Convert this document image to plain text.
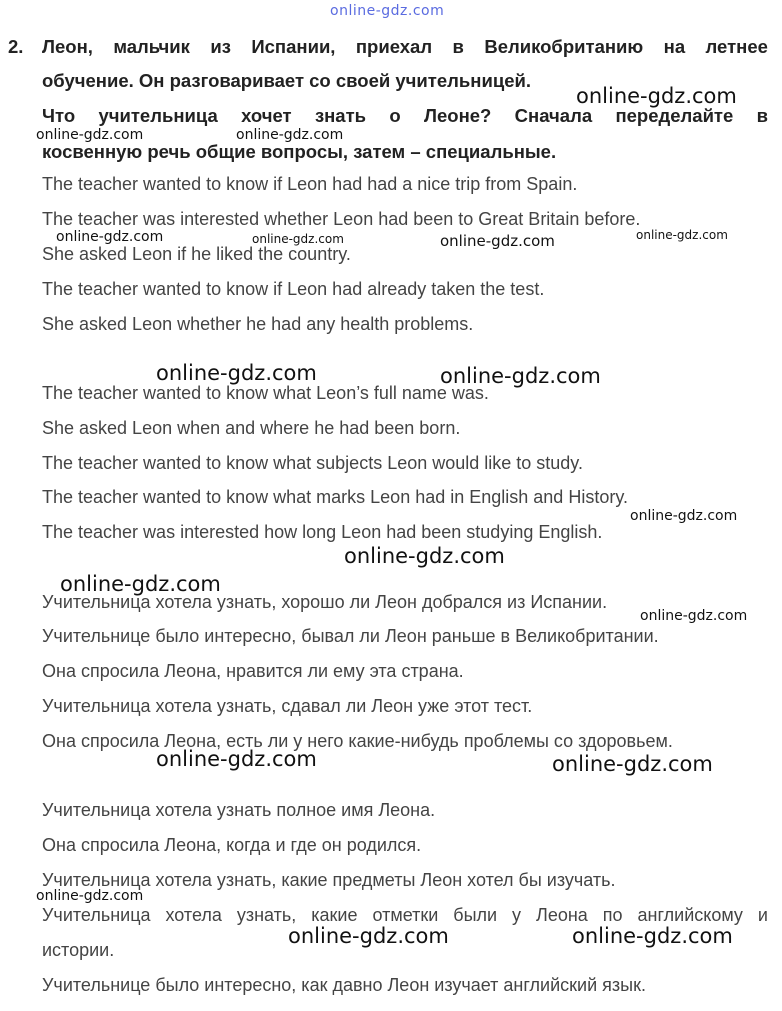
online-gdz.com
2. Леон, мальчик из Испании, приехал в Великобританию на летнее
обучение. Он разговаривает со своей учительницей.
Что учительница хочет знать о Леоне? Сначала переделайте в
косвенную речь общие вопросы, затем – специальные.
The teacher wanted to know if Leon had had a nice trip from Spain.
The teacher was interested whether Leon had been to Great Britain before.
She asked Leon if he liked the country.
The teacher wanted to know if Leon had already taken the test.
She asked Leon whether he had any health problems.
The teacher wanted to know what Leon’s full name was.
She asked Leon when and where he had been born.
The teacher wanted to know what subjects Leon would like to study.
The teacher wanted to know what marks Leon had in English and History.
The teacher was interested how long Leon had been studying English.
Учительница хотела узнать, хорошо ли Леон добрался из Испании.
Учительнице было интересно, бывал ли Леон раньше в Великобритании.
Она спросила Леона, нравится ли ему эта страна.
Учительница хотела узнать, сдавал ли Леон уже этот тест.
Она спросила Леона, есть ли у него какие-нибудь проблемы со здоровьем.
Учительница хотела узнать полное имя Леона.
Она спросила Леона, когда и где он родился.
Учительница хотела узнать, какие предметы Леон хотел бы изучать.
Учительница хотела узнать, какие отметки были у Леона по английскому и
истории.
Учительнице было интересно, как давно Леон изучает английский язык.
online-gdz.com
online-gdz.com	online-gdz.com
online-gdz.com	online-gdz.com	online-gdz.com	online-gdz.com
online-gdz.com	online-gdz.com
online-gdz.com
online-gdz.com
online-gdz.com
online-gdz.com
online-gdz.com	online-gdz.com
online-gdz.com
online-gdz.com	online-gdz.com
